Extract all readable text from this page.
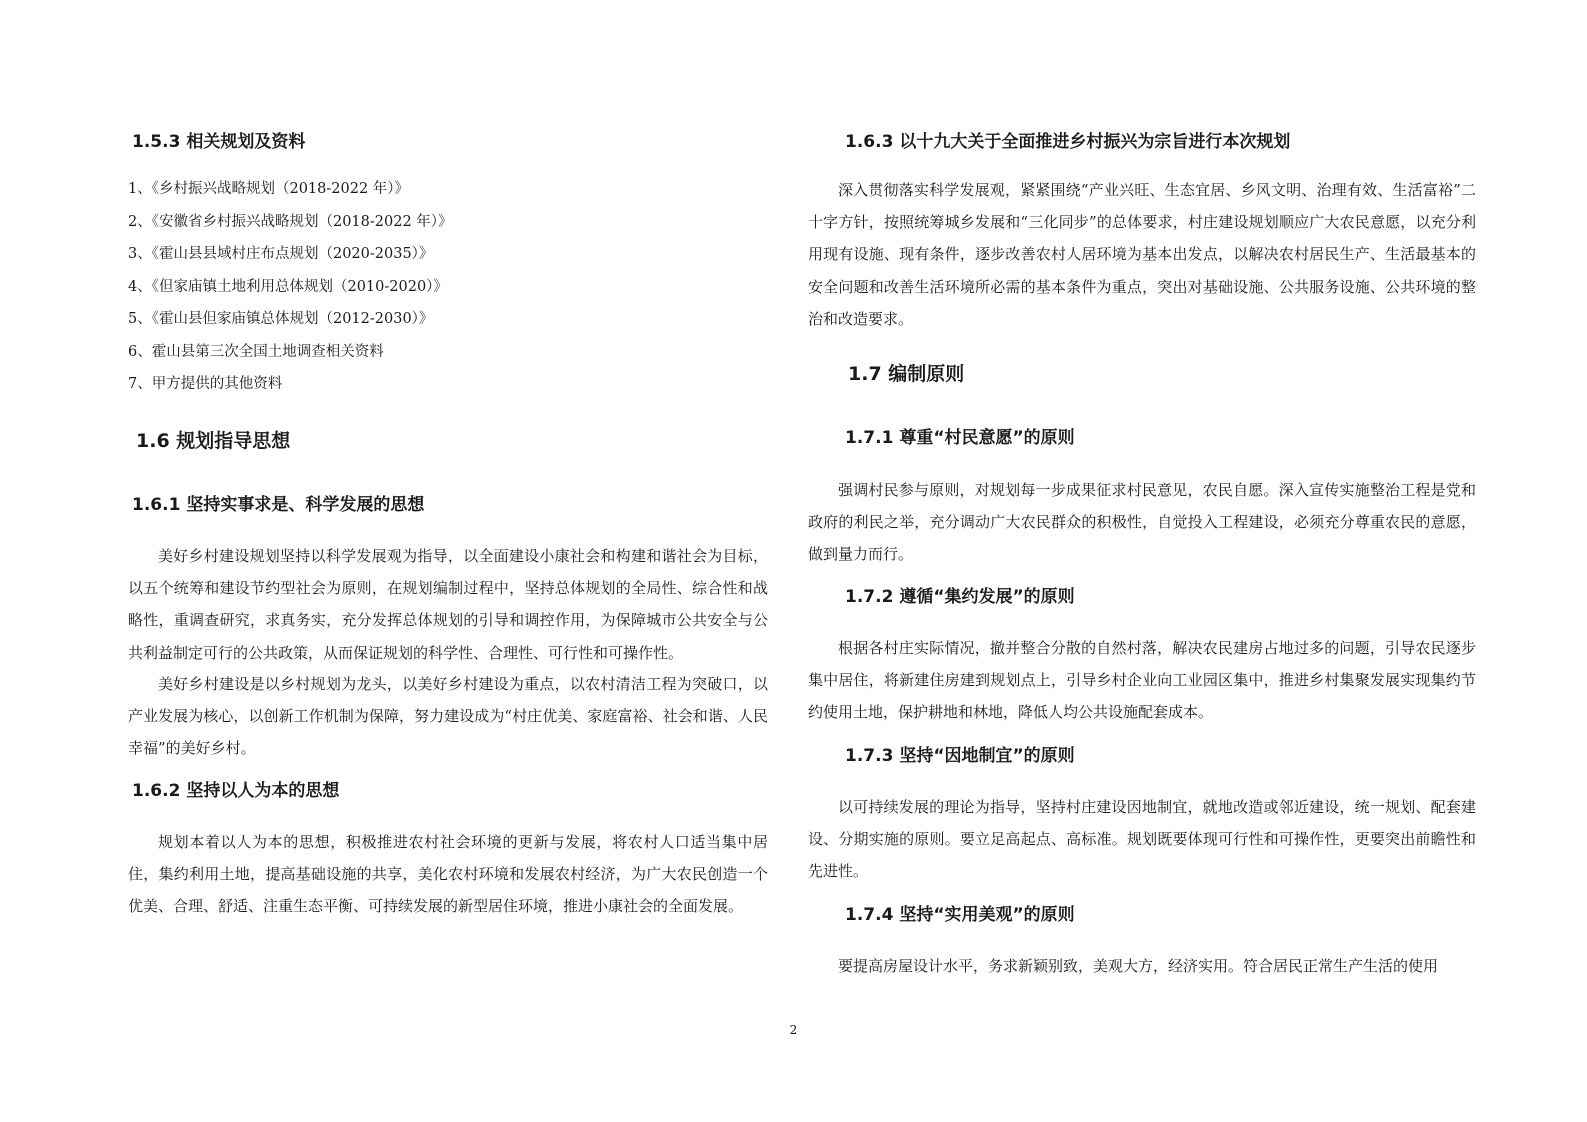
1.5.3 相关规划及资料
1、《乡村振兴战略规划（2018-2022 年）》
2、《安徽省乡村振兴战略规划（2018-2022 年）》
3、《霍山县县域村庄布点规划（2020-2035）》
4、《但家庙镇土地利用总体规划（2010-2020）》
5、《霍山县但家庙镇总体规划（2012-2030）》
6、霍山县第三次全国土地调查相关资料
7、甲方提供的其他资料
1.6 规划指导思想
1.6.1 坚持实事求是、科学发展的思想

美好乡村建设规划坚持以科学发展观为指导，以全面建设小康社会和构建和谐社会为目标，以五个统筹和建设节约型社会为原则，在规划编制过程中，坚持总体规划的全局性、综合性和战略性，重调查研究，求真务实，充分发挥总体规划的引导和调控作用，为保障城市公共安全与公共利益制定可行的公共政策，从而保证规划的科学性、合理性、可行性和可操作性。

美好乡村建设是以乡村规划为龙头，以美好乡村建设为重点，以农村清洁工程为突破口，以产业发展为核心，以创新工作机制为保障，努力建设成为“村庄优美、家庭富裕、社会和谐、人民幸福”的美好乡村。

1.6.2 坚持以人为本的思想

规划本着以人为本的思想，积极推进农村社会环境的更新与发展，将农村人口适当集中居住，集约利用土地，提高基础设施的共享，美化农村环境和发展农村经济，为广大农民创造一个优美、合理、舒适、注重生态平衡、可持续发展的新型居住环境，推进小康社会的全面发展。

1.6.3 以十九大关于全面推进乡村振兴为宗旨进行本次规划

深入贯彻落实科学发展观，紧紧围绕“产业兴旺、生态宜居、乡风文明、治理有效、生活富裕”二十字方针，按照统筹城乡发展和“三化同步”的总体要求，村庄建设规划顺应广大农民意愿，以充分利用现有设施、现有条件，逐步改善农村人居环境为基本出发点，以解决农村居民生产、生活最基本的安全问题和改善生活环境所必需的基本条件为重点，突出对基础设施、公共服务设施、公共环境的整治和改造要求。

1.7 编制原则
1.7.1 尊重“村民意愿”的原则

强调村民参与原则，对规划每一步成果征求村民意见，农民自愿。深入宣传实施整治工程是党和政府的利民之举，充分调动广大农民群众的积极性，自觉投入工程建设，必须充分尊重农民的意愿，做到量力而行。

1.7.2 遵循“集约发展”的原则

根据各村庄实际情况，撤并整合分散的自然村落，解决农民建房占地过多的问题，引导农民逐步集中居住，将新建住房建到规划点上，引导乡村企业向工业园区集中，推进乡村集聚发展实现集约节约使用土地，保护耕地和林地，降低人均公共设施配套成本。

1.7.3 坚持“因地制宜”的原则

以可持续发展的理论为指导，坚持村庄建设因地制宜，就地改造或邻近建设，统一规划、配套建设、分期实施的原则。要立足高起点、高标准。规划既要体现可行性和可操作性，更要突出前瞻性和先进性。

1.7.4 坚持“实用美观”的原则

要提高房屋设计水平，务求新颖别致，美观大方，经济实用。符合居民正常生产生活的使用

2
